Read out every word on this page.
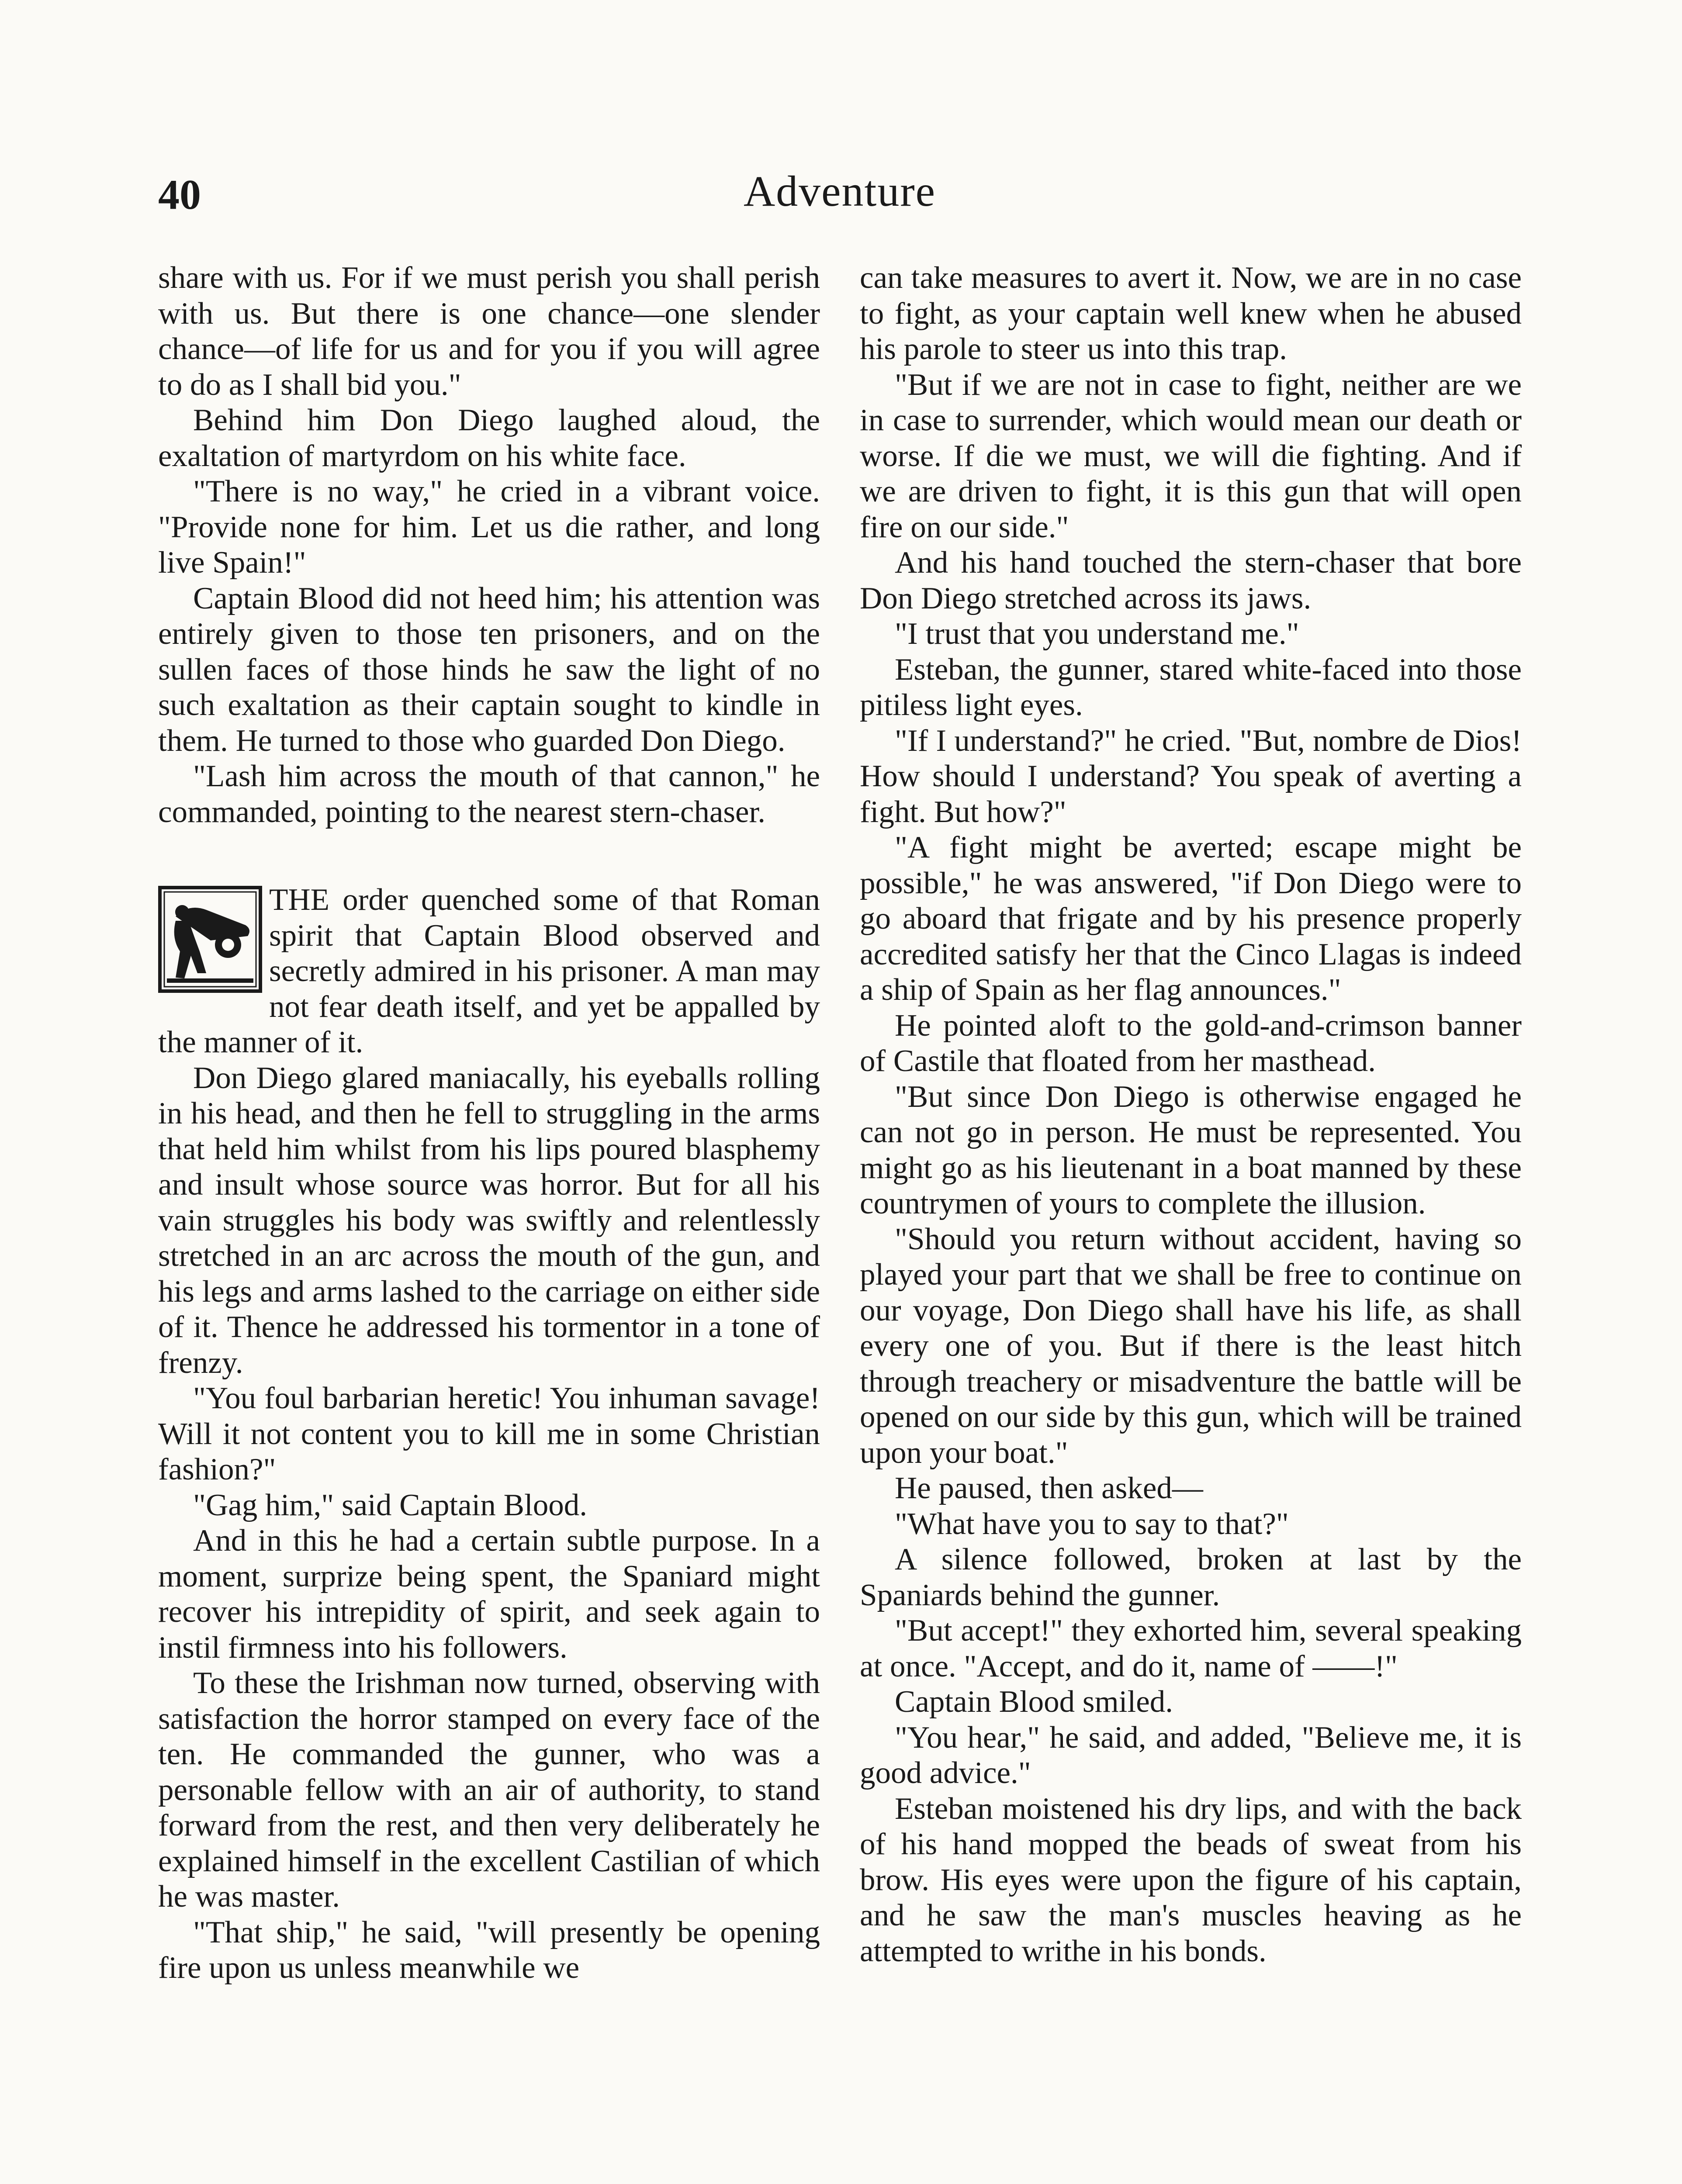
40	Adventure

share with us. For if we must perish you shall perish with us. But there is one chance—one slender chance—of life for us and for you if you will agree to do as I shall bid you."

Behind him Don Diego laughed aloud, the exaltation of martyrdom on his white face.

"There is no way," he cried in a vibrant voice. "Provide none for him. Let us die rather, and long live Spain!"

Captain Blood did not heed him; his attention was entirely given to those ten prisoners, and on the sullen faces of those hinds he saw the light of no such exaltation as their captain sought to kindle in them. He turned to those who guarded Don Diego.

"Lash him across the mouth of that cannon," he commanded, pointing to the nearest stern-chaser.

THE order quenched some of that Roman spirit that Captain Blood observed and secretly admired in his prisoner. A man may not fear death itself, and yet be appalled by the manner of it.

Don Diego glared maniacally, his eyeballs rolling in his head, and then he fell to struggling in the arms that held him whilst from his lips poured blasphemy and insult whose source was horror. But for all his vain struggles his body was swiftly and relentlessly stretched in an arc across the mouth of the gun, and his legs and arms lashed to the carriage on either side of it. Thence he addressed his tormentor in a tone of frenzy.

"You foul barbarian heretic! You inhuman savage! Will it not content you to kill me in some Christian fashion?"

"Gag him," said Captain Blood.

And in this he had a certain subtle purpose. In a moment, surprize being spent, the Spaniard might recover his intrepidity of spirit, and seek again to instil firmness into his followers.

To these the Irishman now turned, observing with satisfaction the horror stamped on every face of the ten. He commanded the gunner, who was a personable fellow with an air of authority, to stand forward from the rest, and then very deliberately he explained himself in the excellent Castilian of which he was master.

"That ship," he said, "will presently be opening fire upon us unless meanwhile we

can take measures to avert it. Now, we are in no case to fight, as your captain well knew when he abused his parole to steer us into this trap.

"But if we are not in case to fight, neither are we in case to surrender, which would mean our death or worse. If die we must, we will die fighting. And if we are driven to fight, it is this gun that will open fire on our side."

And his hand touched the stern-chaser that bore Don Diego stretched across its jaws.

"I trust that you understand me."

Esteban, the gunner, stared white-faced into those pitiless light eyes.

"If I understand?" he cried. "But, nombre de Dios! How should I understand? You speak of averting a fight. But how?"

"A fight might be averted; escape might be possible," he was answered, "if Don Diego were to go aboard that frigate and by his presence properly accredited satisfy her that the Cinco Llagas is indeed a ship of Spain as her flag announces."

He pointed aloft to the gold-and-crimson banner of Castile that floated from her masthead.

"But since Don Diego is otherwise engaged he can not go in person. He must be represented. You might go as his lieutenant in a boat manned by these countrymen of yours to complete the illusion.

"Should you return without accident, having so played your part that we shall be free to continue on our voyage, Don Diego shall have his life, as shall every one of you. But if there is the least hitch through treachery or misadventure the battle will be opened on our side by this gun, which will be trained upon your boat."

He paused, then asked—

"What have you to say to that?"

A silence followed, broken at last by the Spaniards behind the gunner.

"But accept!" they exhorted him, several speaking at once. "Accept, and do it, name of ——!"

Captain Blood smiled.

"You hear," he said, and added, "Believe me, it is good advice."

Esteban moistened his dry lips, and with the back of his hand mopped the beads of sweat from his brow. His eyes were upon the figure of his captain, and he saw the man's muscles heaving as he attempted to writhe in his bonds.
